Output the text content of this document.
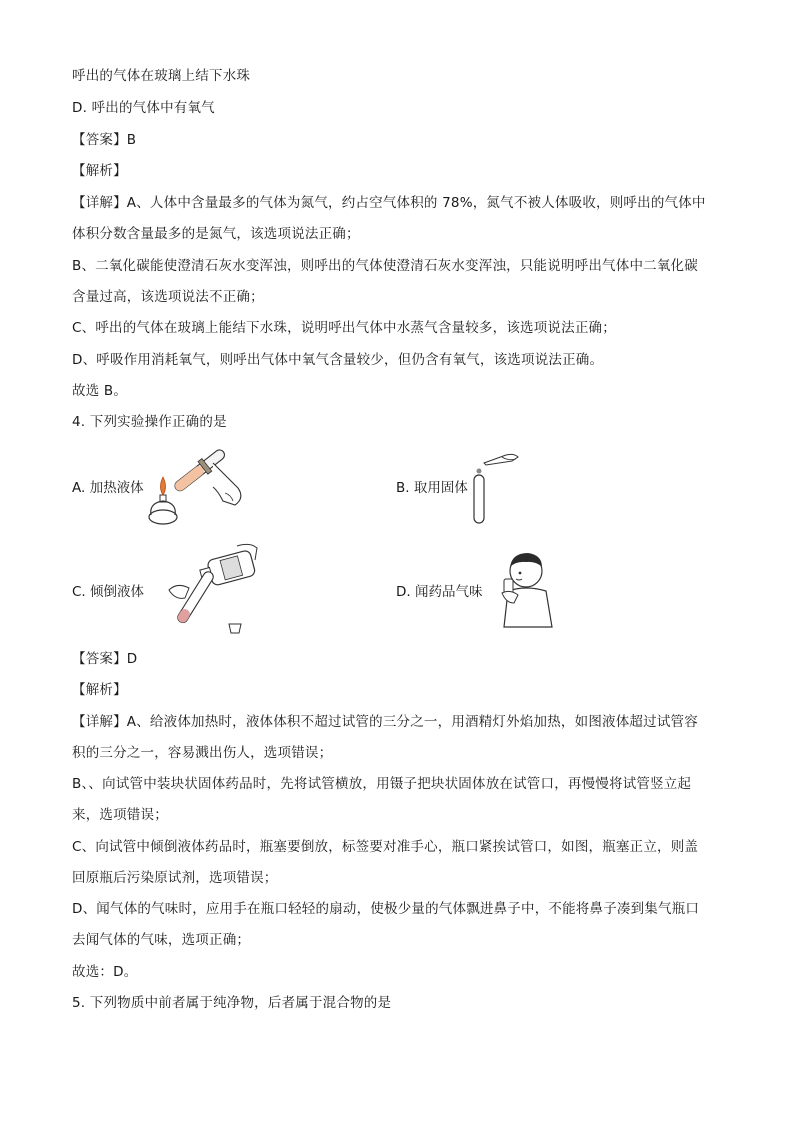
呼出的气体在玻璃上结下水珠
D. 呼出的气体中有氧气
【答案】B
【解析】
【详解】A、人体中含量最多的气体为氮气，约占空气体积的 78%，氮气不被人体吸收，则呼出的气体中
体积分数含量最多的是氮气，该选项说法正确；
B、二氧化碳能使澄清石灰水变浑浊，则呼出的气体使澄清石灰水变浑浊，只能说明呼出气体中二氧化碳
含量过高，该选项说法不正确；
C、呼出的气体在玻璃上能结下水珠，说明呼出气体中水蒸气含量较多，该选项说法正确；
D、呼吸作用消耗氧气，则呼出气体中氧气含量较少，但仍含有氧气，该选项说法正确。
故选 B。
4. 下列实验操作正确的是
A. 加热液体	B. 取用固体
C. 倾倒液体	D. 闻药品气味
【答案】D
【解析】
【详解】A、给液体加热时，液体体积不超过试管的三分之一，用酒精灯外焰加热，如图液体超过试管容
积的三分之一，容易溅出伤人，选项错误；
B、、向试管中装块状固体药品时，先将试管横放，用镊子把块状固体放在试管口，再慢慢将试管竖立起
来，选项错误；
C、向试管中倾倒液体药品时，瓶塞要倒放，标签要对准手心，瓶口紧挨试管口，如图，瓶塞正立，则盖
回原瓶后污染原试剂，选项错误；
D、闻气体的气味时，应用手在瓶口轻轻的扇动，使极少量的气体飘进鼻子中，不能将鼻子凑到集气瓶口
去闻气体的气味，选项正确；
故选：D。
5. 下列物质中前者属于纯净物，后者属于混合物的是
